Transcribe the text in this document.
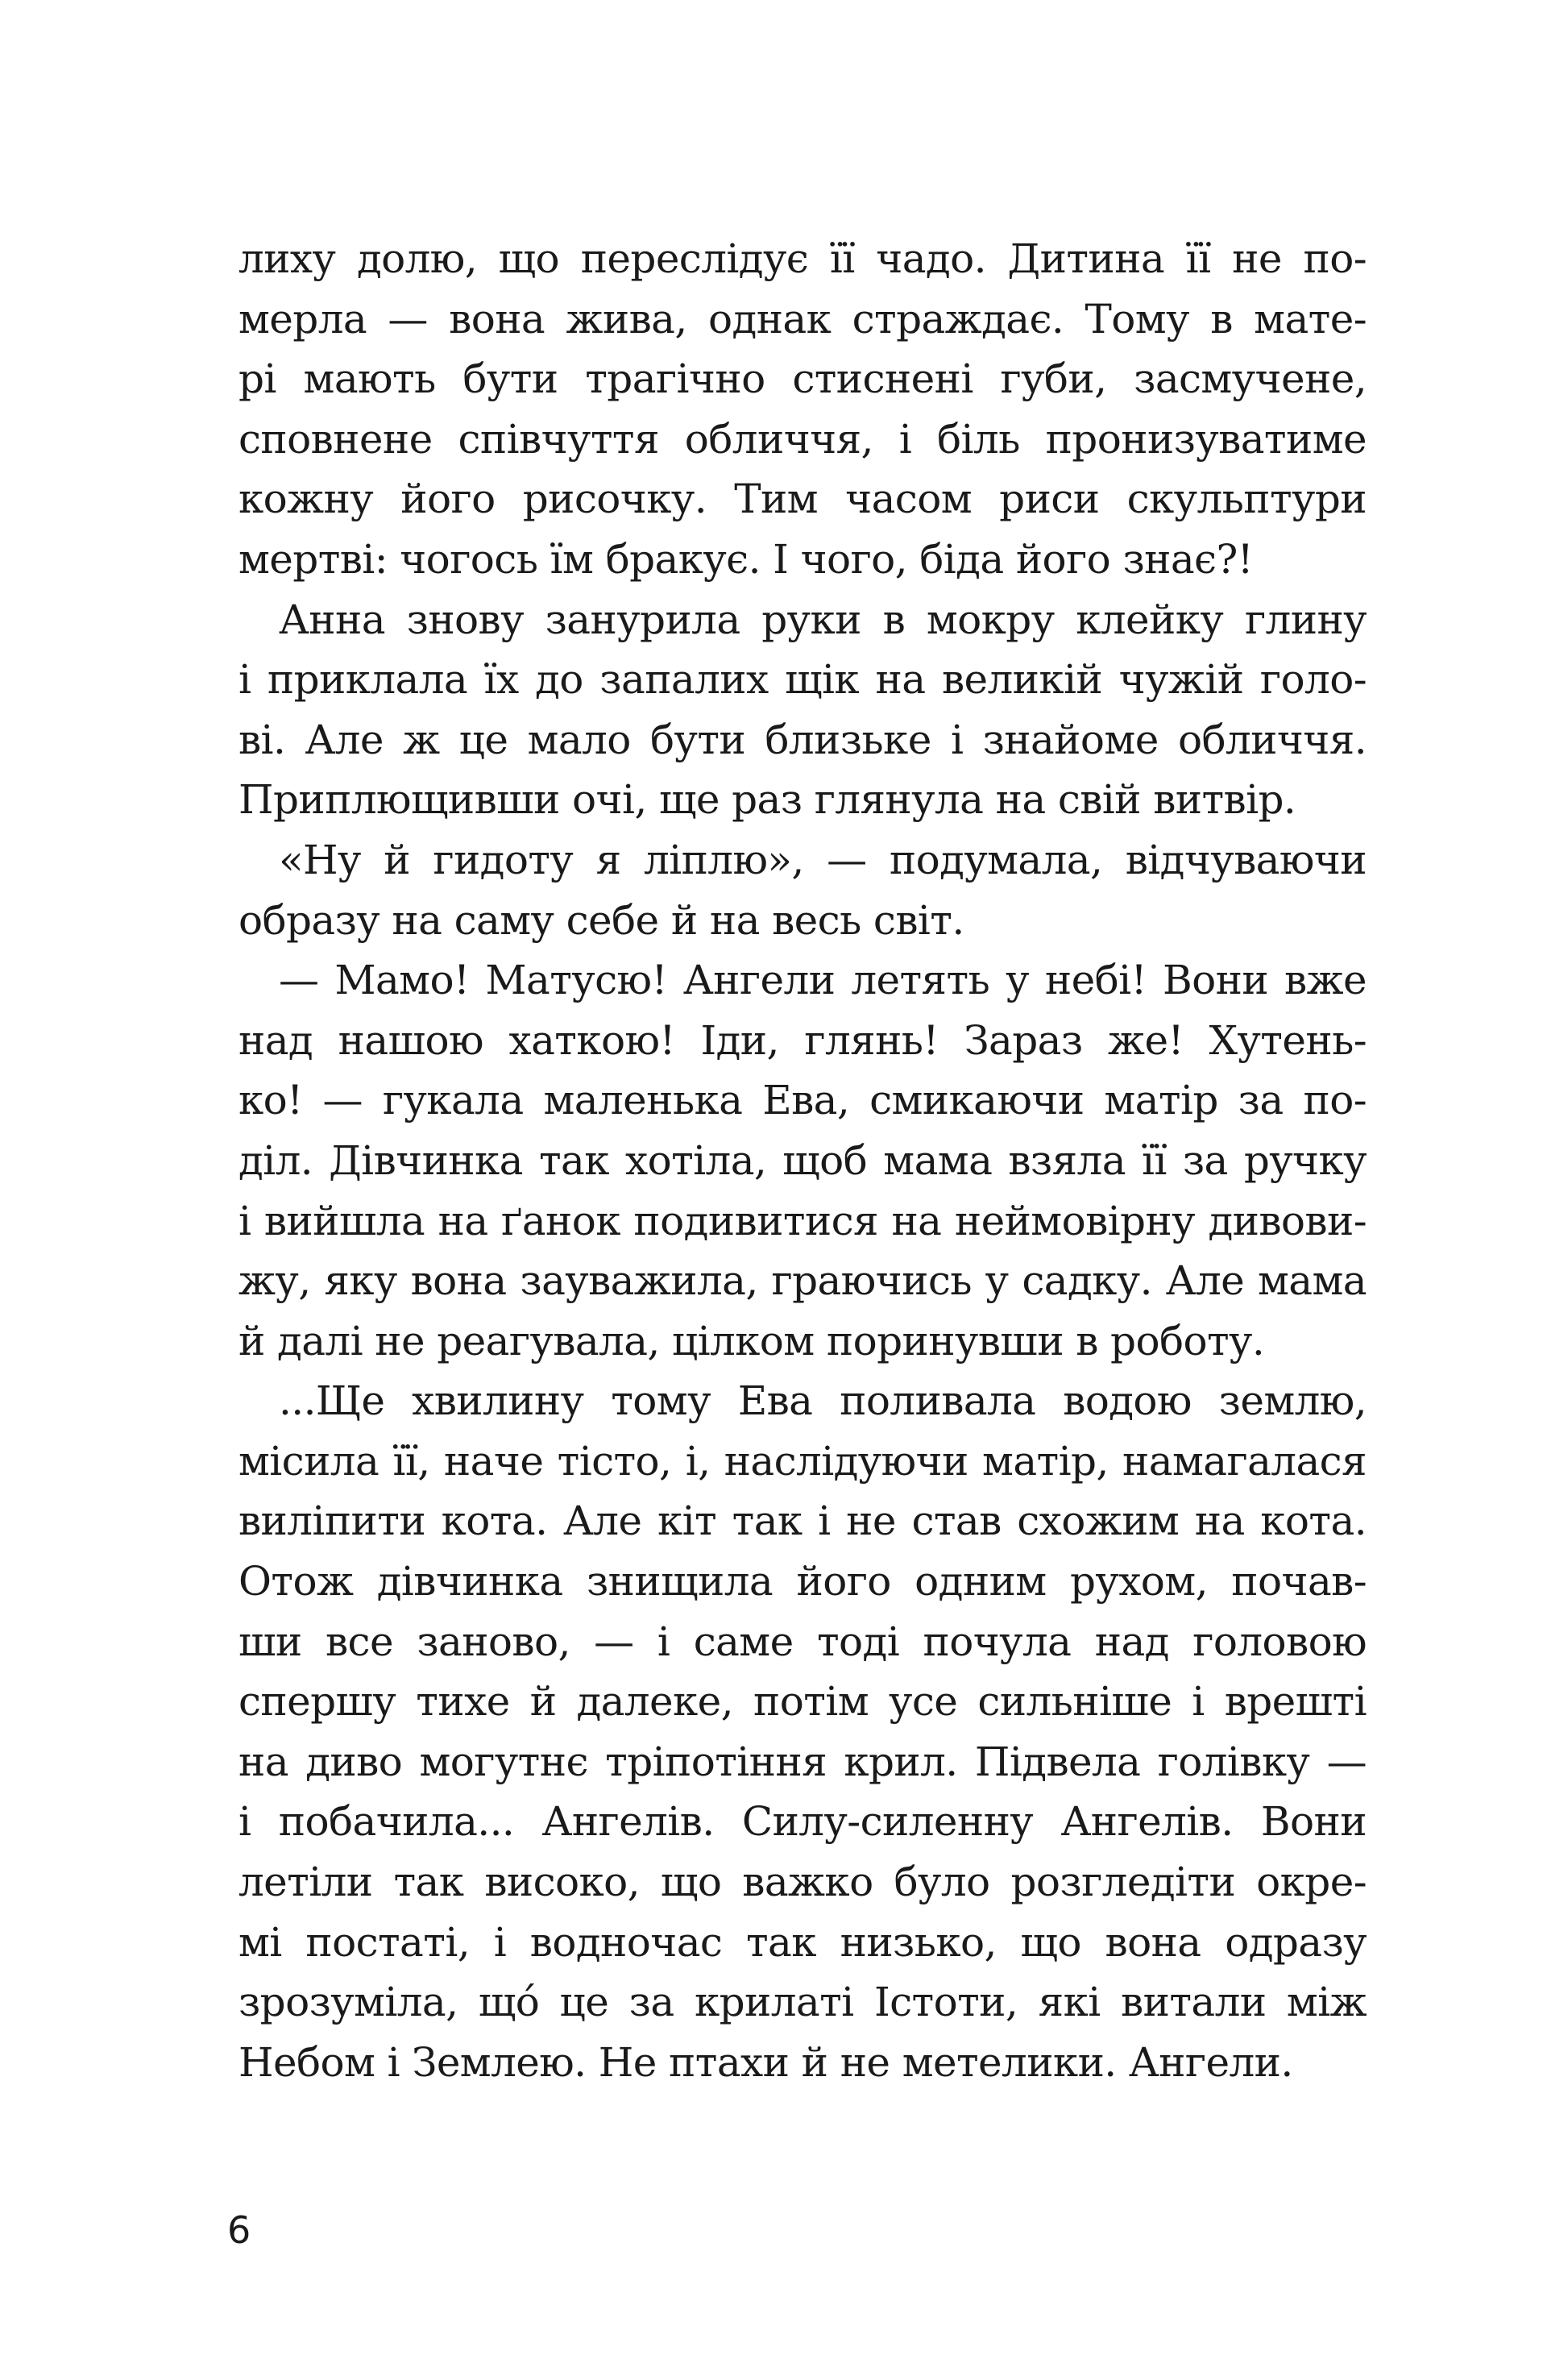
лиху долю, що переслідує її чадо. Дитина її не по-
мерла — вона жива, однак страждає. Тому в мате-
рі мають бути трагічно стиснені губи, засмучене,
сповнене співчуття обличчя, і біль пронизуватиме
кожну його рисочку. Тим часом риси скульптури
мертві: чогось їм бракує. І чого, біда його знає?!
Анна знову занурила руки в мокру клейку глину
і приклала їх до запалих щік на великій чужій голо-
ві. Але ж це мало бути близьке і знайоме обличчя.
Приплющивши очі, ще раз глянула на свій витвір.
«Ну й гидоту я ліплю», — подумала, відчуваючи
образу на саму себе й на весь світ.
— Мамо! Матусю! Ангели летять у небі! Вони вже
над нашою хаткою! Іди, глянь! Зараз же! Хутень-
ко! — гукала маленька Ева, смикаючи матір за по-
діл. Дівчинка так хотіла, щоб мама взяла її за ручку
і вийшла на ґанок подивитися на неймовірну дивови-
жу, яку вона зауважила, граючись у садку. Але мама
й далі не реагувала, цілком поринувши в роботу.
...Ще хвилину тому Ева поливала водою землю,
місила її, наче тісто, і, наслідуючи матір, намагалася
виліпити кота. Але кіт так і не став схожим на кота.
Отож дівчинка знищила його одним рухом, почав-
ши все заново, — і саме тоді почула над головою
спершу тихе й далеке, потім усе сильніше і врешті
на диво могутнє тріпотіння крил. Підвела голівку —
і побачила... Ангелів. Силу-силенну Ангелів. Вони
летіли так високо, що важко було розгледіти окре-
мі постаті, і водночас так низько, що вона одразу
зрозуміла, щó це за крилаті Істоти, які витали між
Небом і Землею. Не птахи й не метелики. Ангели.
6
